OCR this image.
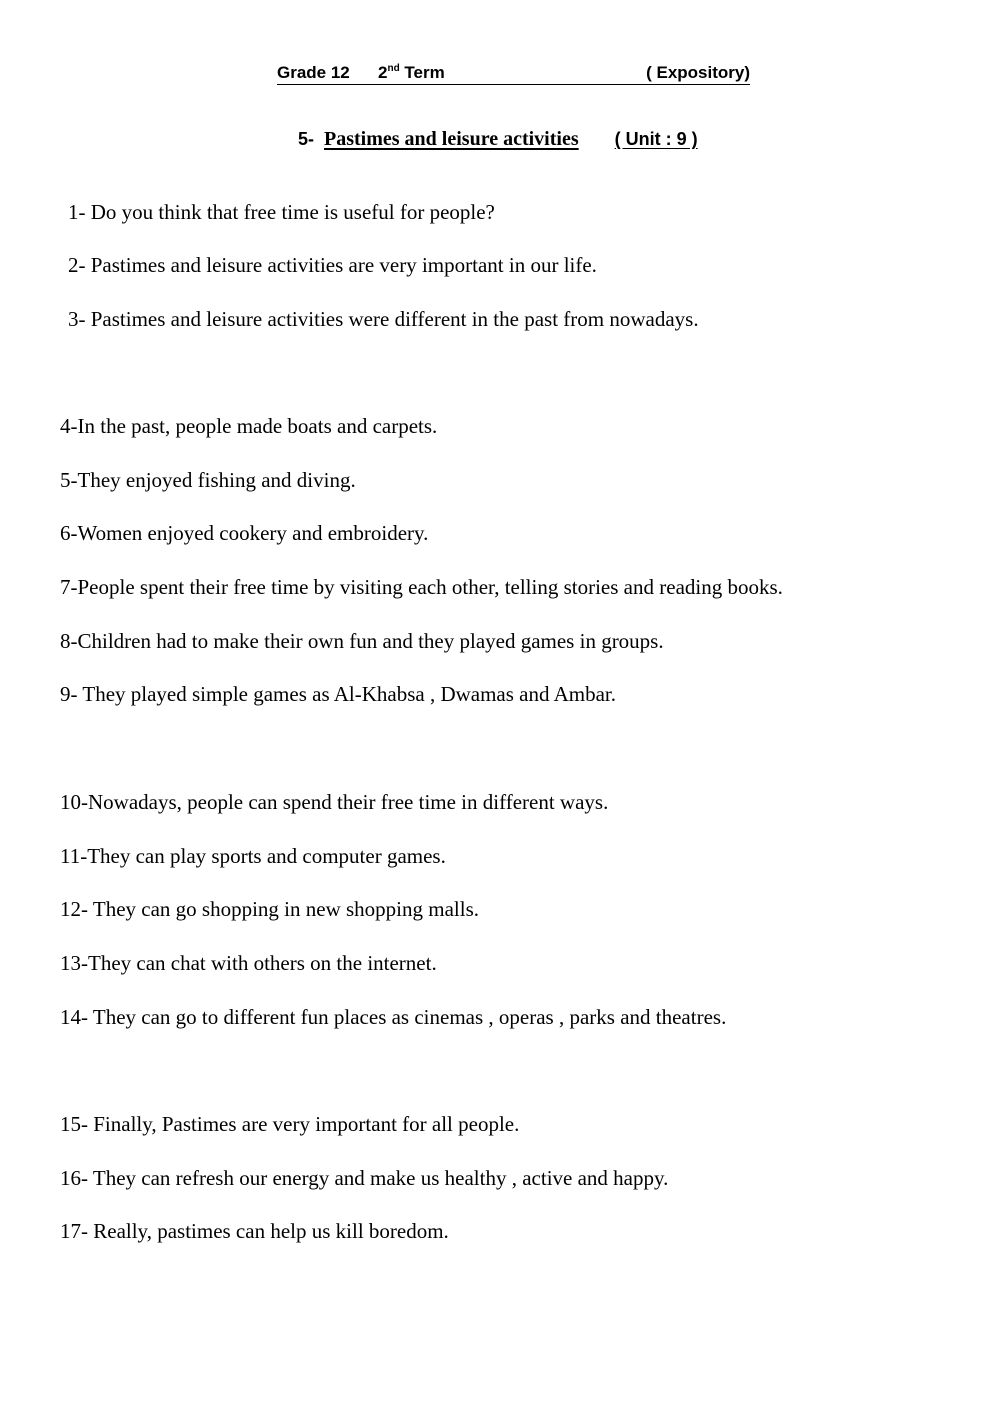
Grade 12 2nd Term	( Expository)
5- Pastimes and leisure activities ( Unit : 9 )
1- Do you think that free time is useful for people?
2- Pastimes and leisure activities are very important in our life.
3- Pastimes and leisure activities were different in the past from nowadays.
4-In the past, people made boats and carpets.
5-They enjoyed fishing and diving.
6-Women enjoyed cookery and embroidery.
7-People spent their free time by visiting each other, telling stories and reading books.
8-Children had to make their own fun and they played games in groups.
9- They played simple games as Al-Khabsa , Dwamas and Ambar.
10-Nowadays, people can spend their free time in different ways.
11-They can play sports and computer games.
12- They can go shopping in new shopping malls.
13-They can chat with others on the internet.
14- They can go to different fun places as cinemas , operas , parks and theatres.
15- Finally, Pastimes are very important for all people.
16- They can refresh our energy and make us healthy , active and happy.
17- Really, pastimes can help us kill boredom.
